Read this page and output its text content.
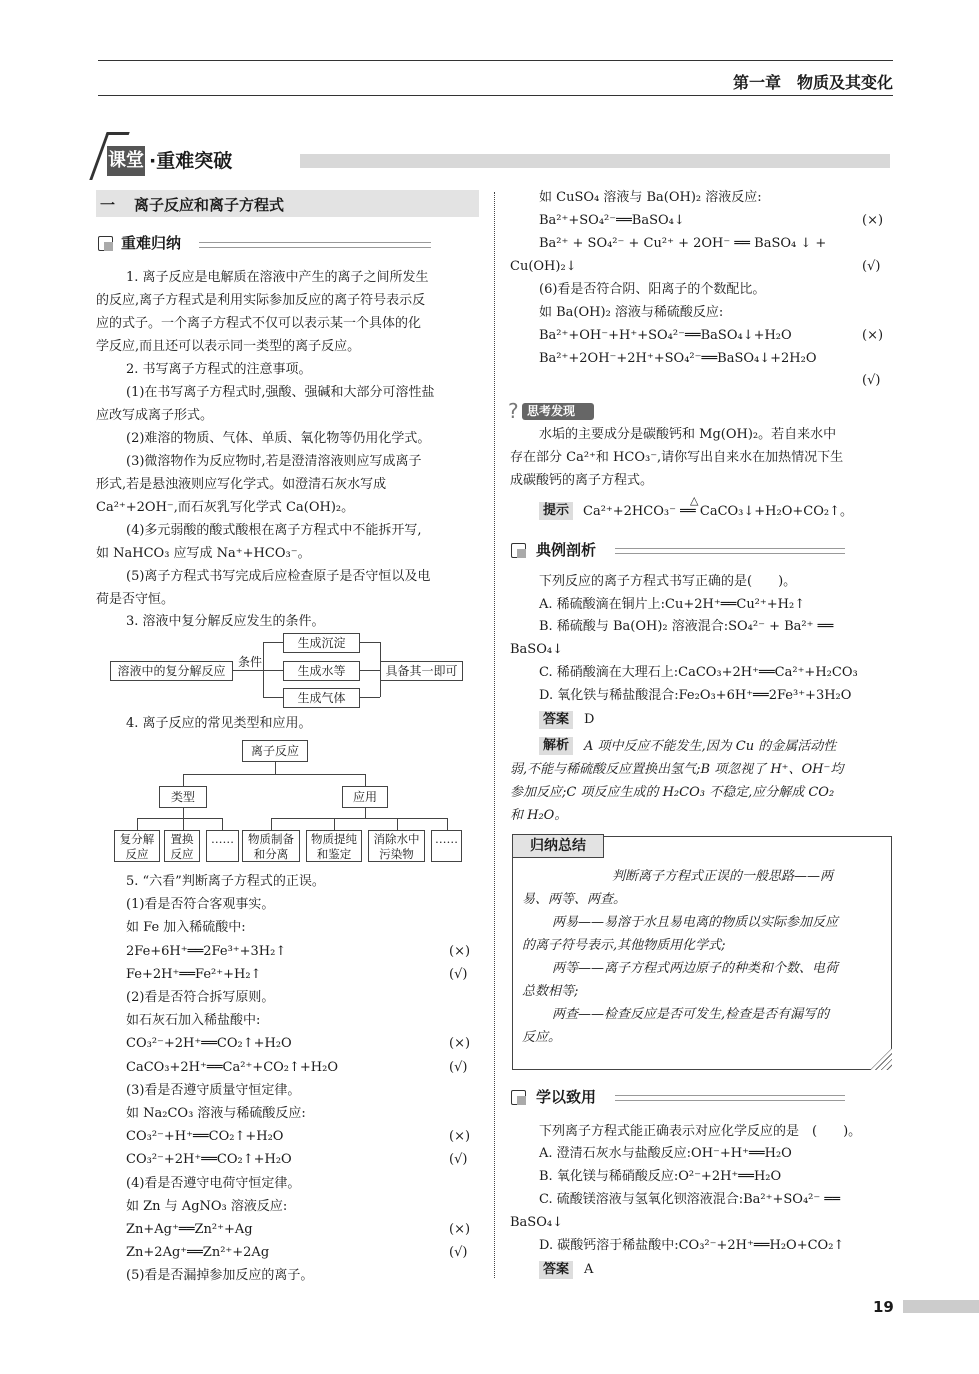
第一章　物质及其变化
课堂 ·重难突破
一 离子反应和离子方程式
重难归纳
1. 离子反应是电解质在溶液中产生的离子之间所发生
的反应,离子方程式是利用实际参加反应的离子符号表示反
应的式子。一个离子方程式不仅可以表示某一个具体的化
学反应,而且还可以表示同一类型的离子反应。
2. 书写离子方程式的注意事项。
(1)在书写离子方程式时,强酸、强碱和大部分可溶性盐
应改写成离子形式。
(2)难溶的物质、气体、单质、氧化物等仍用化学式。
(3)微溶物作为反应物时,若是澄清溶液则应写成离子
形式,若是悬浊液则应写化学式。如澄清石灰水写成
Ca²⁺+2OH⁻,而石灰乳写化学式 Ca(OH)₂。
(4)多元弱酸的酸式酸根在离子方程式中不能拆开写,
如 NaHCO₃ 应写成 Na⁺+HCO₃⁻。
(5)离子方程式书写完成后应检查原子是否守恒以及电
荷是否守恒。
3. 溶液中复分解反应发生的条件。
溶液中的复分解反应
条件
生成沉淀
生成水等
生成气体
具备其一即可
4. 离子反应的常见类型和应用。
离子反应
类型	应用
复分解
反应
置换
反应
……	物质制备
和分离
物质提纯
和鉴定
消除水中
污染物
……
5. “六看”判断离子方程式的正误。
(1)看是否符合客观事实。
如 Fe 加入稀硫酸中:
2Fe+6H⁺══2Fe³⁺+3H₂↑	(×)
Fe+2H⁺══Fe²⁺+H₂↑	(√)
(2)看是否符合拆写原则。
如石灰石加入稀盐酸中:
CO₃²⁻+2H⁺══CO₂↑+H₂O	(×)
CaCO₃+2H⁺══Ca²⁺+CO₂↑+H₂O	(√)
(3)看是否遵守质量守恒定律。
如 Na₂CO₃ 溶液与稀硫酸反应:
CO₃²⁻+H⁺══CO₂↑+H₂O	(×)
CO₃²⁻+2H⁺══CO₂↑+H₂O	(√)
(4)看是否遵守电荷守恒定律。
如 Zn 与 AgNO₃ 溶液反应:
Zn+Ag⁺══Zn²⁺+Ag	(×)
Zn+2Ag⁺══Zn²⁺+2Ag	(√)
(5)看是否漏掉参加反应的离子。
如 CuSO₄ 溶液与 Ba(OH)₂ 溶液反应:
Ba²⁺+SO₄²⁻══BaSO₄↓	(×)
Ba²⁺ + SO₄²⁻ + Cu²⁺ + 2OH⁻ ══ BaSO₄ ↓ +
Cu(OH)₂↓	(√)
(6)看是否符合阴、阳离子的个数配比。
如 Ba(OH)₂ 溶液与稀硫酸反应:
Ba²⁺+OH⁻+H⁺+SO₄²⁻══BaSO₄↓+H₂O	(×)
Ba²⁺+2OH⁻+2H⁺+SO₄²⁻══BaSO₄↓+2H₂O
(√)
? 思考发现
水垢的主要成分是碳酸钙和 Mg(OH)₂。若自来水中
存在部分 Ca²⁺和 HCO₃⁻,请你写出自来水在加热情况下生
成碳酸钙的离子方程式。
提示
△
Ca²⁺+2HCO₃⁻ ══ CaCO₃↓+H₂O+CO₂↑。
典例剖析
下列反应的离子方程式书写正确的是(　　)。
A. 稀硫酸滴在铜片上:Cu+2H⁺══Cu²⁺+H₂↑
B. 稀硫酸与 Ba(OH)₂ 溶液混合:SO₄²⁻ + Ba²⁺ ══
BaSO₄↓
C. 稀硝酸滴在大理石上:CaCO₃+2H⁺══Ca²⁺+H₂CO₃
D. 氧化铁与稀盐酸混合:Fe₂O₃+6H⁺══2Fe³⁺+3H₂O
答案	D
解析	A 项中反应不能发生,因为 Cu 的金属活动性
弱,不能与稀硫酸反应置换出氢气;B 项忽视了 H⁺、OH⁻均
参加反应;C 项反应生成的 H₂CO₃ 不稳定,应分解成 CO₂
和 H₂O。
归纳总结
判断离子方程式正误的一般思路——两
易、两等、两查。
两易——易溶于水且易电离的物质以实际参加反应
的离子符号表示,其他物质用化学式;
两等——离子方程式两边原子的种类和个数、电荷
总数相等;
两查——检查反应是否可发生,检查是否有漏写的
反应。
学以致用
下列离子方程式能正确表示对应化学反应的是　(　　)。
A. 澄清石灰水与盐酸反应:OH⁻+H⁺══H₂O
B. 氧化镁与稀硝酸反应:O²⁻+2H⁺══H₂O
C. 硫酸镁溶液与氢氧化钡溶液混合:Ba²⁺+SO₄²⁻ ══
BaSO₄↓
D. 碳酸钙溶于稀盐酸中:CO₃²⁻+2H⁺══H₂O+CO₂↑
答案	A
19
